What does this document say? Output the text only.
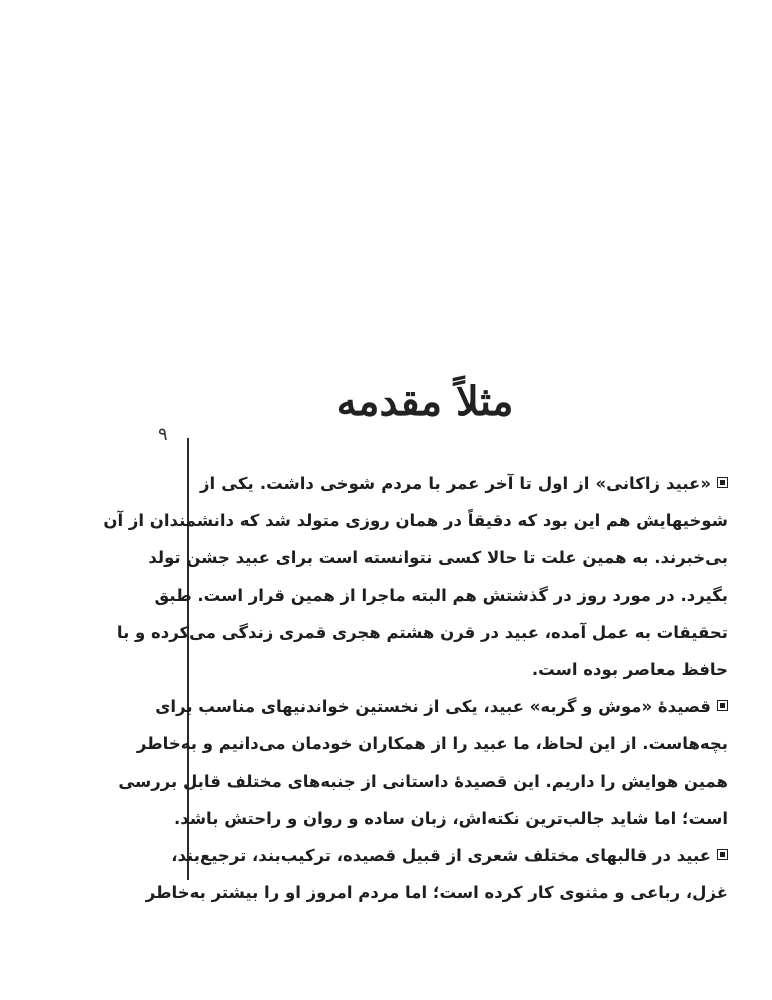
مثلاً مقدمه
۹
«عبید زاکانی» از اول تا آخر عمر با مردم شوخی داشت. یکی از
شوخیهایش هم این بود که دقیقاً در همان روزی متولد شد که دانشمندان از آن
بی‌خبرند. به همین علت تا حالا کسی نتوانسته است برای عبید جشن تولد
بگیرد. در مورد روز در گذشتش هم البته ماجرا از همین قرار است. طبق
تحقیقات به عمل آمده، عبید در قرن هشتم هجری قمری زندگی می‌کرده و با
حافظ معاصر بوده است.
قصیدهٔ «موش و گربه» عبید، یکی از نخستین خواندنیهای مناسب برای
بچه‌هاست. از این لحاظ، ما عبید را از همکاران خودمان می‌دانیم و به‌خاطر
همین هوایش را داریم. این قصیدهٔ داستانی از جنبه‌های مختلف قابل بررسی
است؛ اما شاید جالب‌ترین نکته‌اش، زبان ساده و روان و راحتش باشد.
عبید در قالبهای مختلف شعری از قبیل قصیده، ترکیب‌بند، ترجیع‌بند،
غزل، رباعی و مثنوی کار کرده است؛ اما مردم امروز او را بیشتر به‌خاطر
